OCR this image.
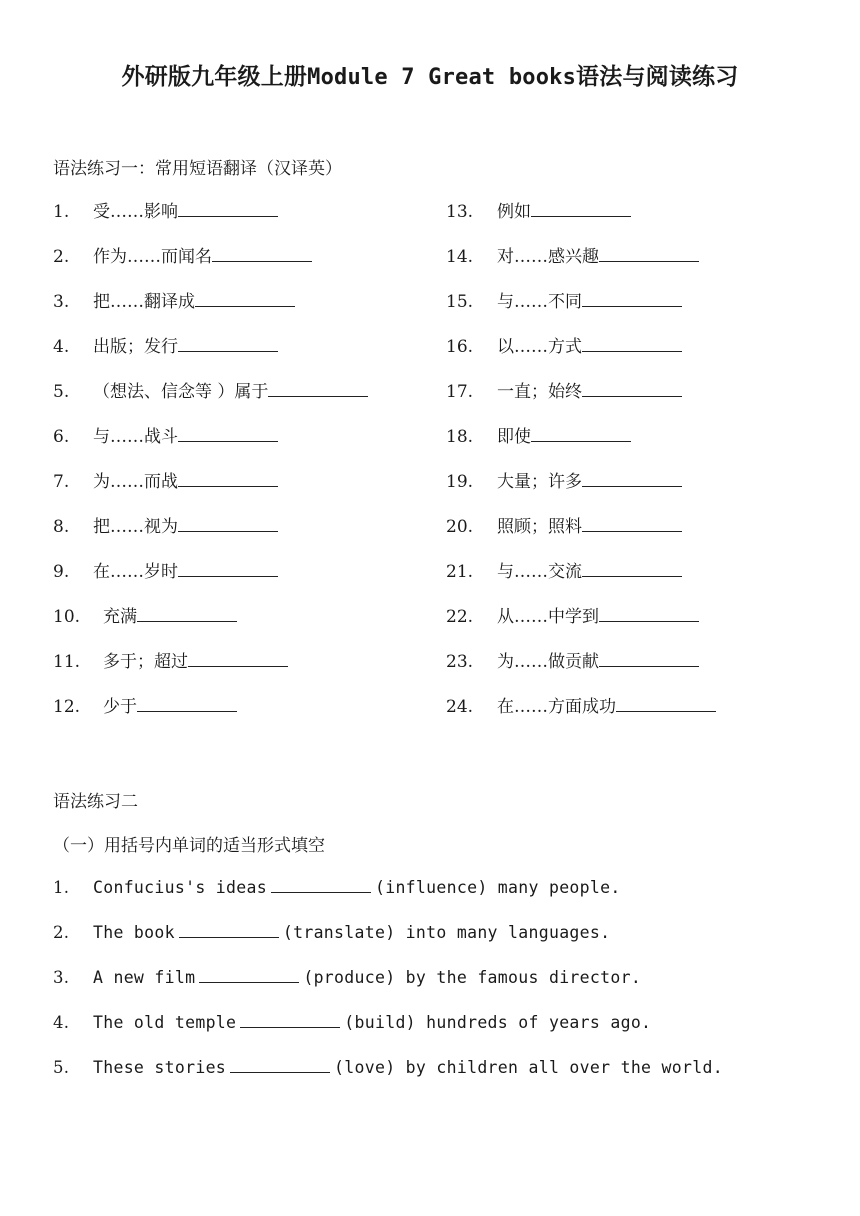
外研版九年级上册Module 7 Great books语法与阅读练习
语法练习一：常用短语翻译（汉译英）
1. 受……影响
2. 作为……而闻名
3. 把……翻译成
4. 出版；发行
5. （想法、信念等 ）属于
6. 与……战斗
7. 为……而战
8. 把……视为
9. 在……岁时
10. 充满
11. 多于；超过
12. 少于
13. 例如
14. 对……感兴趣
15. 与……不同
16. 以……方式
17. 一直；始终
18. 即使
19. 大量；许多
20. 照顾；照料
21. 与……交流
22. 从……中学到
23. 为……做贡献
24. 在……方面成功
语法练习二
（一）用括号内单词的适当形式填空
1. Confucius's ideas	(influence) many people.
2. The book	(translate) into many languages.
3. A new film	(produce) by the famous director.
4. The old temple	(build) hundreds of years ago.
5. These stories	(love) by children all over the world.
